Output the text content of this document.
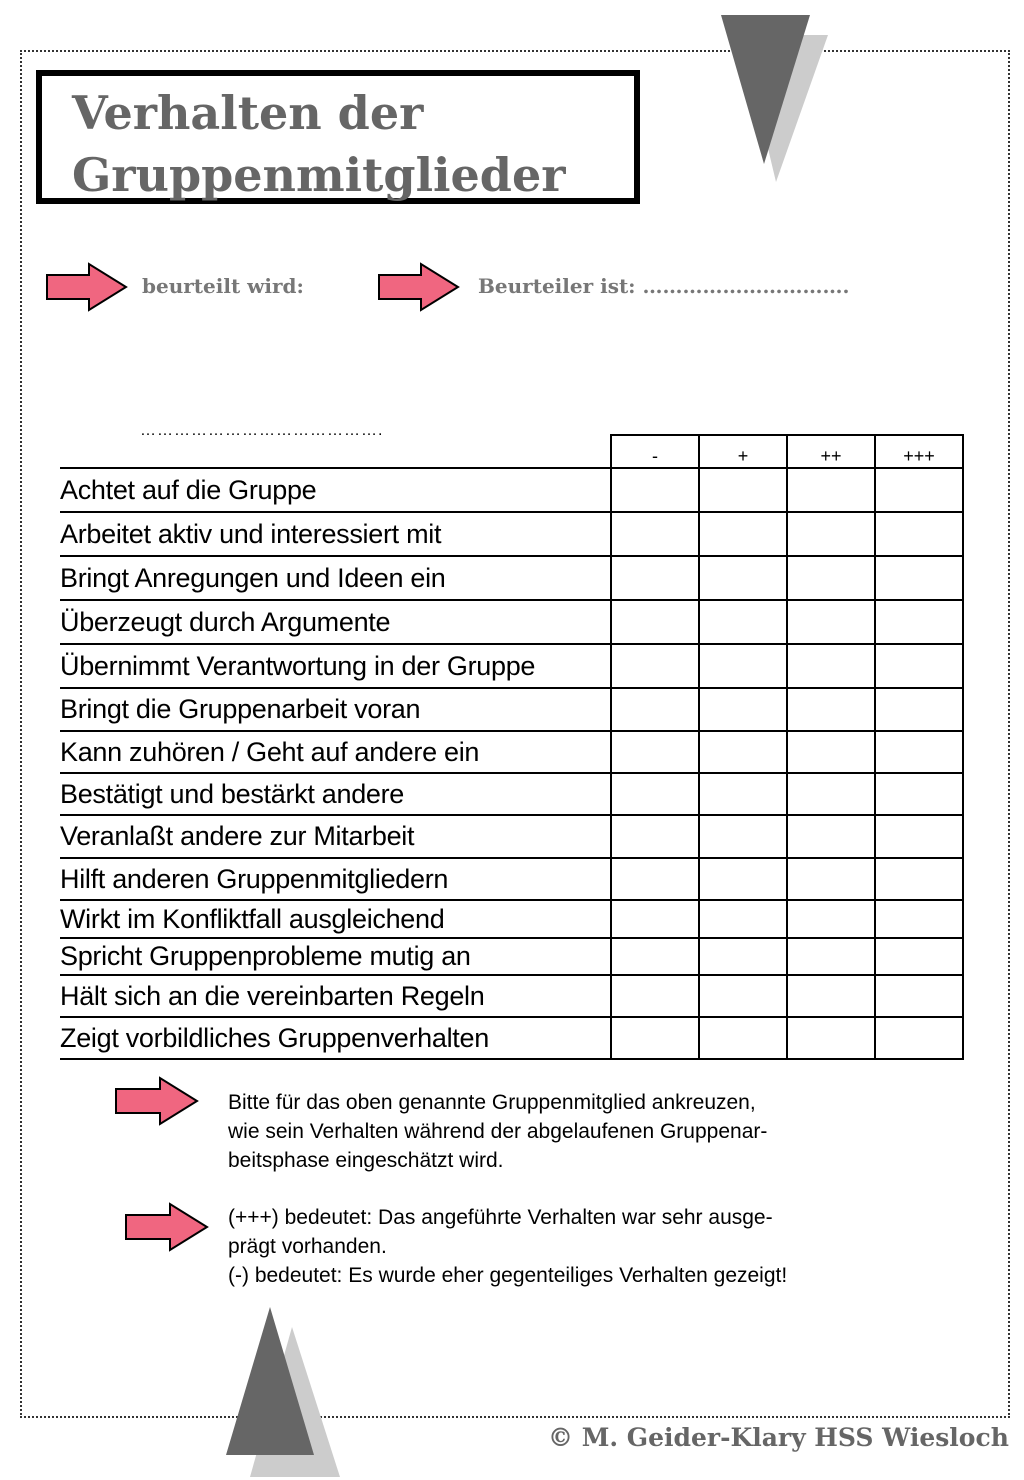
Verhalten der
Gruppenmitglieder
beurteilt wird:	Beurteiler ist: ………………………….
…………………………………….
	-	+	++	+++
Achtet auf die Gruppe				
Arbeitet aktiv und interessiert mit				
Bringt Anregungen und Ideen ein				
Überzeugt durch Argumente				
Übernimmt Verantwortung in der Gruppe				
Bringt die Gruppenarbeit voran				
Kann zuhören / Geht auf andere ein				
Bestätigt und bestärkt andere				
Veranlaßt andere zur Mitarbeit				
Hilft anderen Gruppenmitgliedern				
Wirkt im Konfliktfall ausgleichend				
Spricht Gruppenprobleme mutig an				
Hält sich an die vereinbarten Regeln				
Zeigt vorbildliches Gruppenverhalten				
Bitte für das oben genannte Gruppenmitglied ankreuzen,
wie sein Verhalten während der abgelaufenen Gruppenar-
beitsphase eingeschätzt wird.
(+++) bedeutet: Das angeführte Verhalten war sehr ausge-
prägt vorhanden.
(-) bedeutet: Es wurde eher gegenteiliges Verhalten gezeigt!
© M. Geider-Klary HSS Wiesloch
